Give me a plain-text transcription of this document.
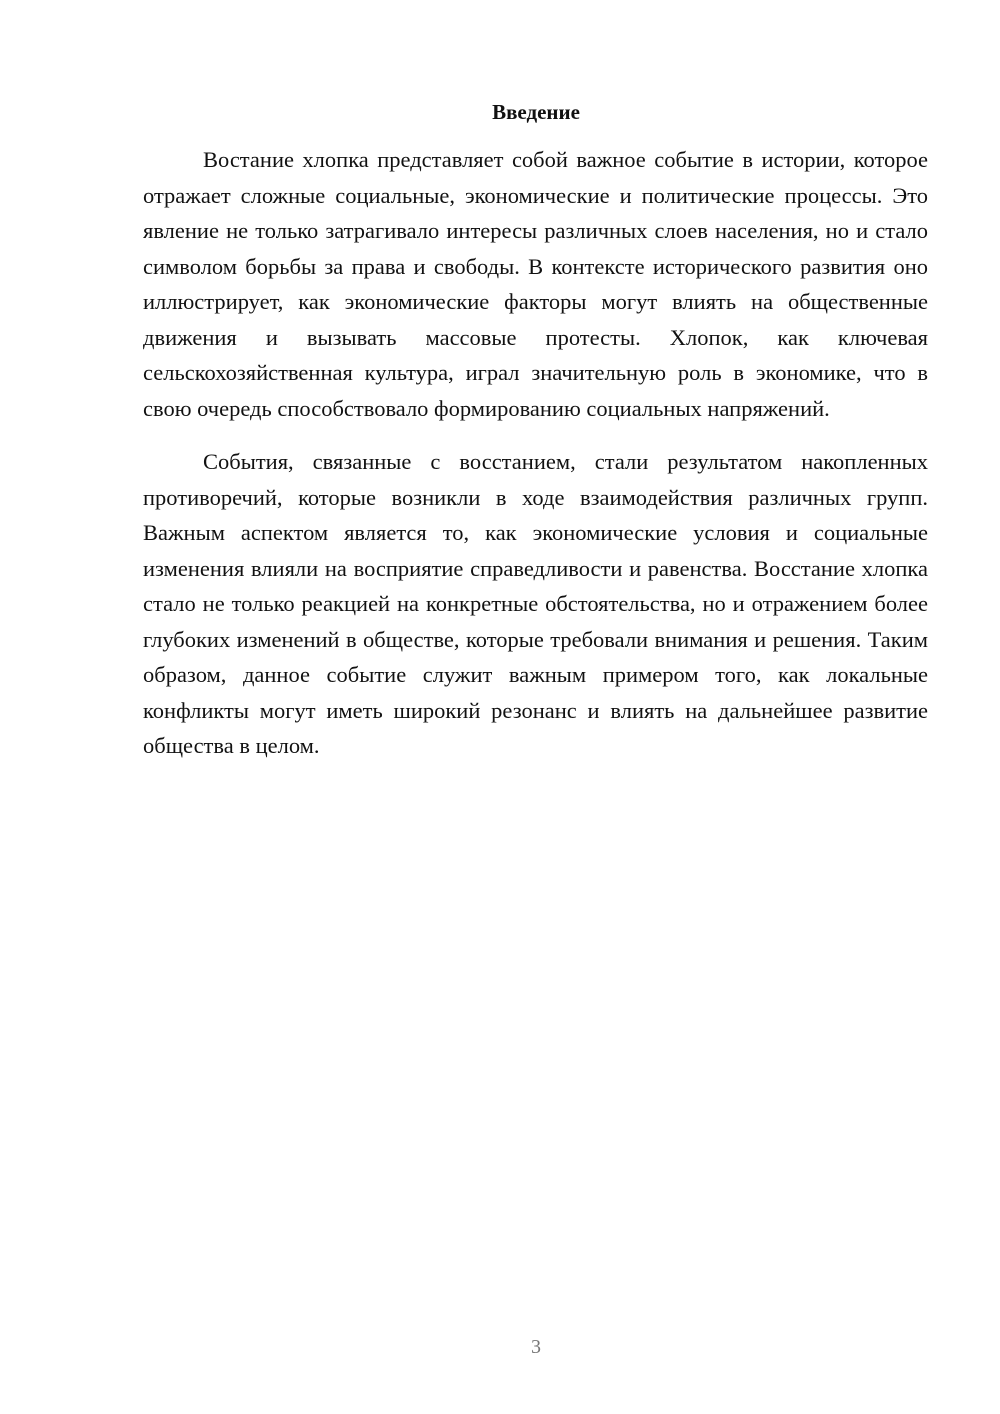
Введение

Востание хлопка представляет собой важное событие в истории, которое отражает сложные социальные, экономические и политические процессы. Это явление не только затрагивало интересы различных слоев населения, но и стало символом борьбы за права и свободы. В контексте исторического развития оно иллюстрирует, как экономические факторы могут влиять на общественные движения и вызывать массовые протесты. Хлопок, как ключевая сельскохозяйственная культура, играл значительную роль в экономике, что в свою очередь способствовало формированию социальных напряжений.

События, связанные с восстанием, стали результатом накопленных противоречий, которые возникли в ходе взаимодействия различных групп. Важным аспектом является то, как экономические условия и социальные изменения влияли на восприятие справедливости и равенства. Восстание хлопка стало не только реакцией на конкретные обстоятельства, но и отражением более глубоких изменений в обществе, которые требовали внимания и решения. Таким образом, данное событие служит важным примером того, как локальные конфликты могут иметь широкий резонанс и влиять на дальнейшее развитие общества в целом.

3
